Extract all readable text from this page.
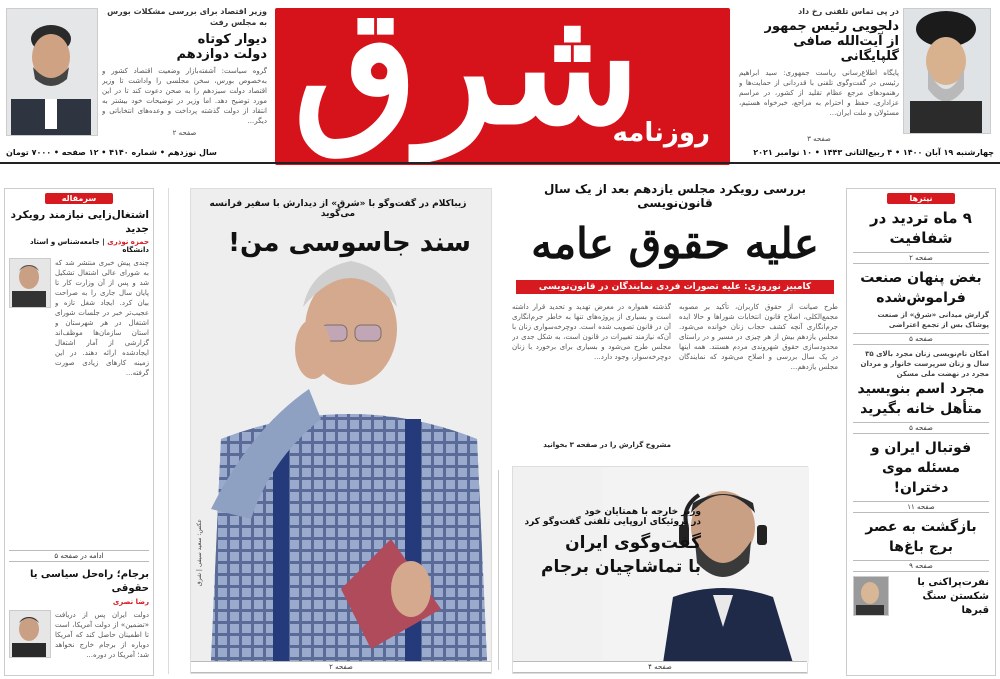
شرق
روزنامه
چهارشنبه ۱۹ آبان ۱۴۰۰ • ۴ ربیع‌الثانی ۱۴۴۳ • ۱۰ نوامبر ۲۰۲۱
سال نوزدهم • شماره ۴۱۴۰ • ۱۲ صفحه • ۷۰۰۰ تومان
در پی تماس تلفنی رخ داد
دلجویی رئیس جمهور
از آیت‌الله صافی گلپایگانی
پایگاه اطلاع‌رسانی ریاست جمهوری: سید ابراهیم رئیسی در گفت‌وگوی تلفنی با قدردانی از حمایت‌ها و رهنمودهای مرجع عظام تقلید از کشور، در مراسم عزاداری، حفظ و احترام به مراجع، خبرخواه هستیم، مسئولان و ملت ایران...
صفحه ۳
وزیر اقتصاد برای بررسی مشکلات بورس به مجلس رفت
دیوار کوتاه
دولت دوازدهم
گروه سیاست: آشفته‌بازار وضعیت اقتصاد کشور و به‌خصوص بورس، سخن مجلسی را واداشت تا وزیر اقتصاد دولت سیزدهم را به صحن دعوت کند تا در این مورد توضیح دهد. اما وزیر در توضیحات خود بیشتر به انتقاد از دولت گذشته پرداخت و وعده‌های انتخاباتی و دیگر...
صفحه ۲
نیترها
۹ ماه تردید در شفافیت
صفحه ۲
بغض پنهان صنعت فراموش‌شده
گزارش میدانی «شرق» از صنعت پوشاک بس از تجمع اعتراضی
صفحه ۵
امکان نام‌نویسی زنان مجرد بالای ۳۵ سال و زنان سرپرست خانوار و مردان مجرد در نهضت ملی مسکن
مجرد اسم بنویسید متأهل خانه بگیرید
صفحه ۵
فوتبال ایران و مسئله موی دختران!
صفحه ۱۱
بازگشت به عصر برج باغ‌ها
صفحه ۹
نفرت‌پراکنی با شکستن سنگ قبرها
بررسی رویکرد مجلس یازدهم بعد از یک سال قانون‌نویسی
علیه حقوق عامه
کامبیز نوروزی: علیه تصورات فردی نمایندگان در قانون‌نویسی
طرح صیانت از حقوق کاربران، تأکید بر مصوبه مجمع‌الکلی، اصلاح قانون انتخابات شوراها و حالا ایده جرم‌انگاری آنچه کشف حجاب زنان خوانده می‌شود. مجلس یازدهم بیش از هر چیزی در مسیر و در راستای محدودسازی حقوق شهروندی مردم هستند. همه اینها در یک سال بررسی و اصلاح می‌شود که نمایندگان مجلس یازدهم...
گذشته همواره در معرض تهدید و تحدید قرار داشته است و بسیاری از پروژه‌های تنها به خاطر جرم‌انگاری آن در قانون تصویب شده است. دوچرخه‌سواری زنان با آن‌که نیازمند تغییرات در قانون است، به شکل جدی در مجلس طرح می‌شود و بسیاری برای برخورد با زنان دوچرخه‌سوار، وجود دارد...
مشروح گزارش را در صفحه ۳ بخوانید
وزیر خارجه با همتایان خود
در تروئیکای اروپایی تلفنی گفت‌وگو کرد
گفت‌وگوی ایران
با تماشاچیان برجام
صفحه ۴
زیباکلام در گفت‌وگو با «شرق» از دیدارش با سفیر فرانسه می‌گوید
سند جاسوسی من!
عکس: سعید سیفی | شرق
صفحه ۲
سرمقاله
اشتغال‌زایی نیازمند رویکرد جدید
حمزه نوذری | جامعه‌شناس و استاد دانشگاه
چندی پیش خبری منتشر شد که به شورای عالی اشتغال تشکیل شد و پس از آن وزارت کار تا پایان سال جاری را به صراحت بیان کرد. ایجاد شغل تازه و عجیب‌تر خبر در جلسات شورای اشتغال در هر شهرستان و استان سازمان‌ها موظف‌اند گزارشی از آمار اشتغال ایجادشده ارائه دهند. در این زمینه کارهای زیادی صورت گرفته...
ادامه در صفحه ۵
برجام؛ راه‌حل سیاسی یا حقوقی
رضا نصری
دولت ایران پس از دریافت «تضمین» از دولت آمریکا، است تا اطمینان حاصل کند که آمریکا دوباره از برجام خارج نخواهد شد؛ آمریکا در دوره...
